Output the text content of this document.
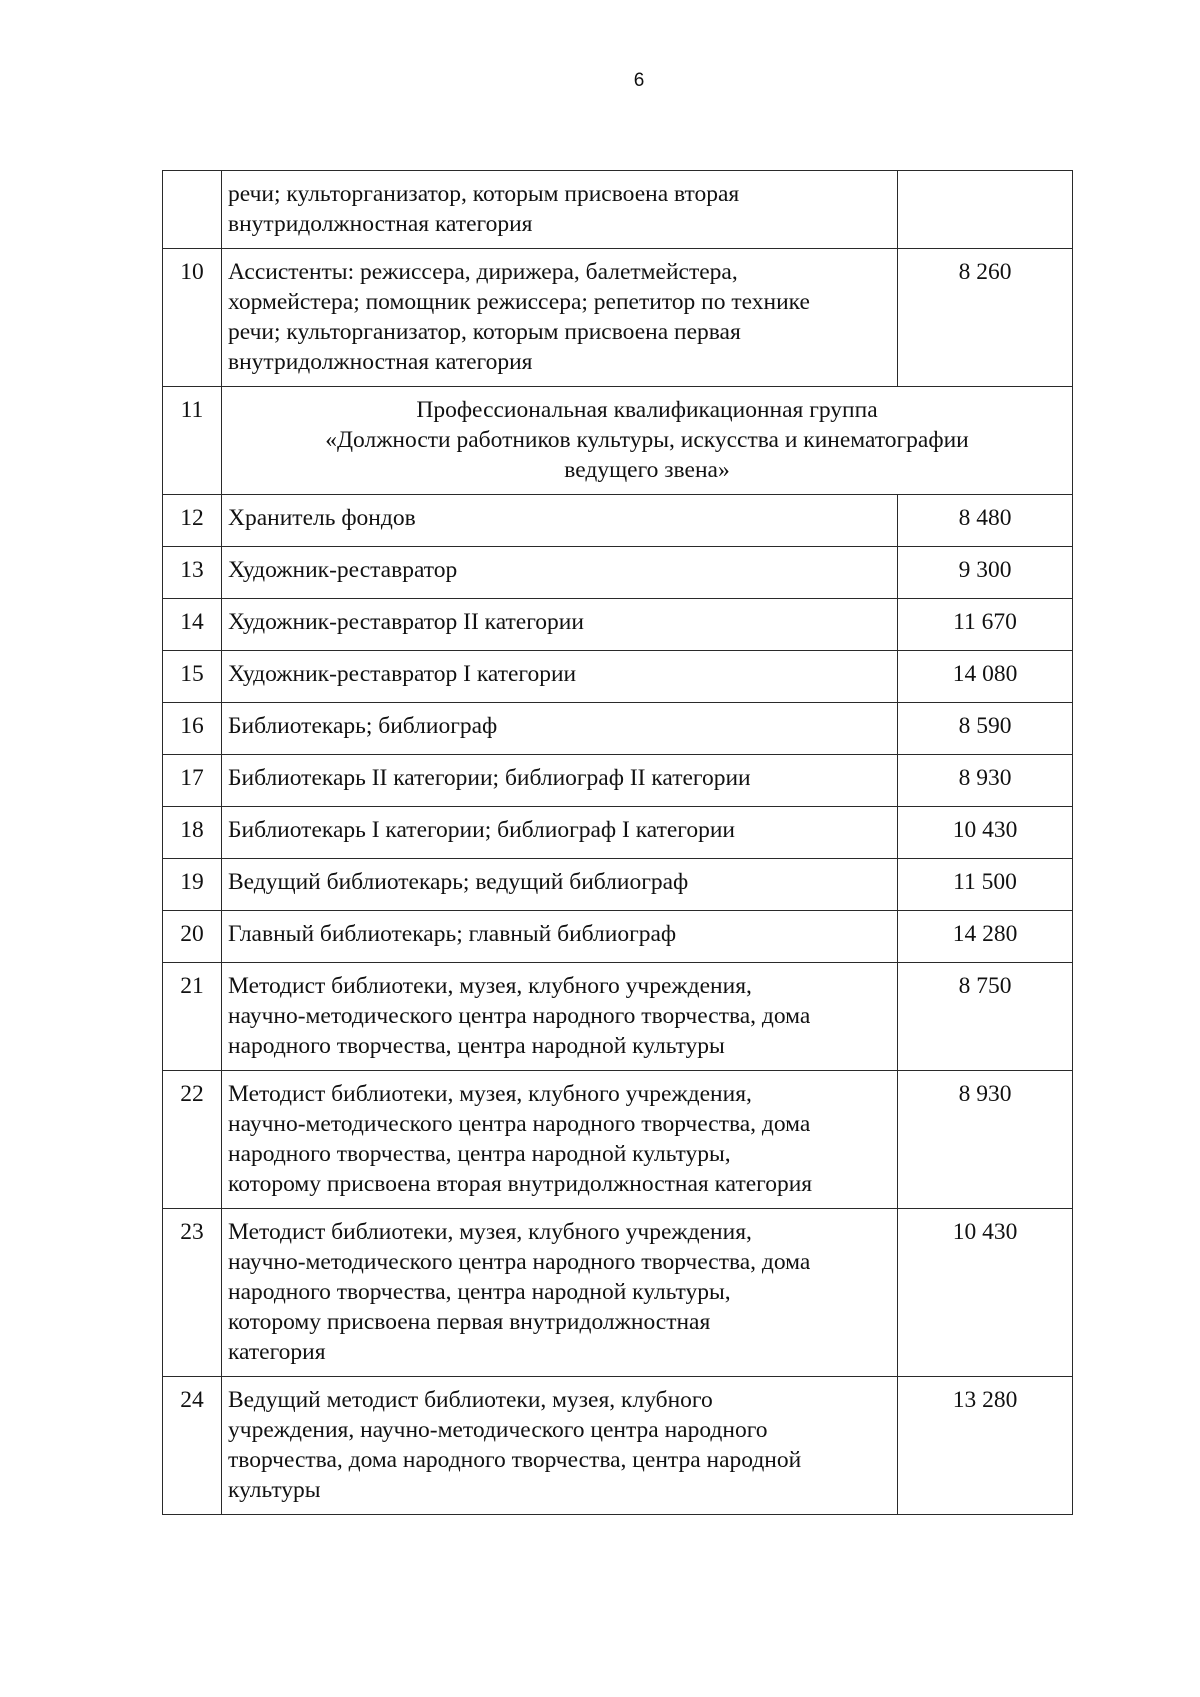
6

	речи; культорганизатор, которым присвоена вторая
внутридолжностная категория	

10	Ассистенты: режиссера, дирижера, балетмейстера,
хормейстера; помощник режиссера; репетитор по технике
речи; культорганизатор, которым присвоена первая
внутридолжностная категория	8 260
11	Профессиональная квалификационная группа
«Должности работников культуры, искусства и кинематографии
ведущего звена»	

12	Хранитель фондов	8 480
13	Художник-реставратор	9 300
14	Художник-реставратор II категории	11 670
15	Художник-реставратор I категории	14 080
16	Библиотекарь; библиограф	8 590
17	Библиотекарь II категории; библиограф II категории	8 930
18	Библиотекарь I категории; библиограф I категории	10 430
19	Ведущий библиотекарь; ведущий библиограф	11 500
20	Главный библиотекарь; главный библиограф	14 280
21	Методист библиотеки, музея, клубного учреждения,
научно-методического центра народного творчества, дома
народного творчества, центра народной культуры	8 750
22	Методист библиотеки, музея, клубного учреждения,
научно-методического центра народного творчества, дома
народного творчества, центра народной культуры,
которому присвоена вторая внутридолжностная категория	8 930
23	Методист библиотеки, музея, клубного учреждения,
научно-методического центра народного творчества, дома
народного творчества, центра народной культуры,
которому присвоена первая внутридолжностная
категория	10 430
24	Ведущий методист библиотеки, музея, клубного
учреждения, научно-методического центра народного
творчества, дома народного творчества, центра народной
культуры	13 280
